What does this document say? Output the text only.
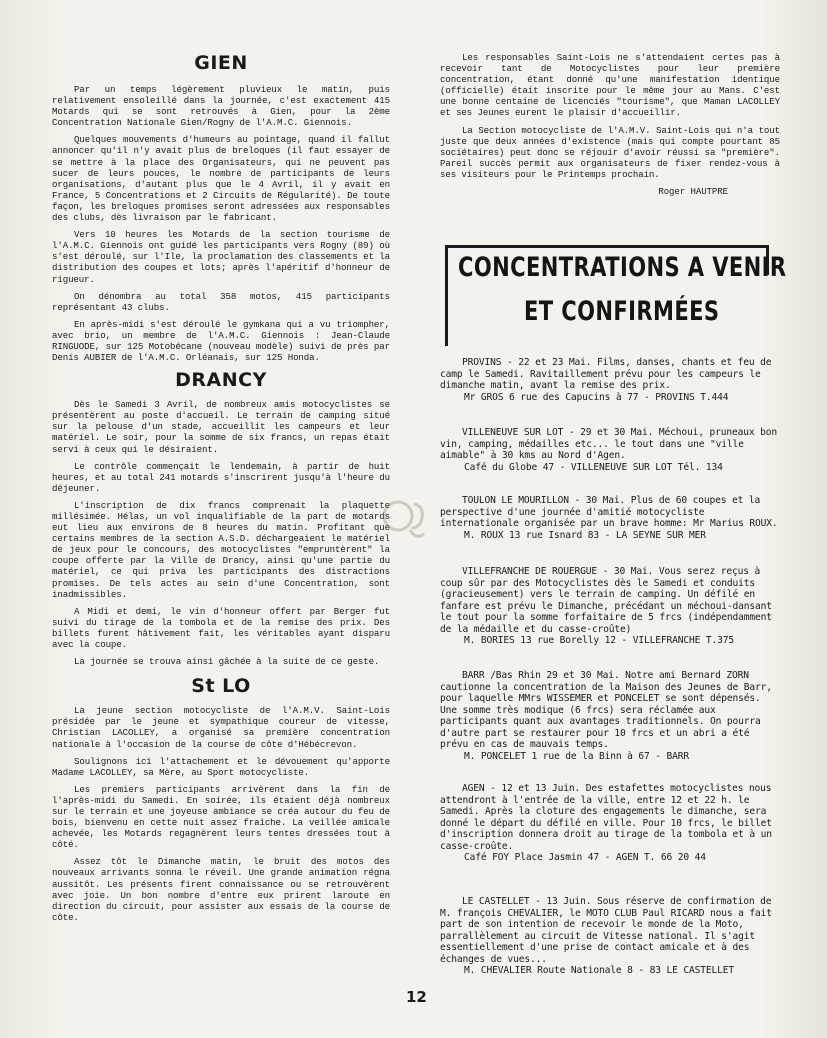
GIEN

Par un temps légèrement pluvieux le matin, puis relativement ensoleillé dans la journée, c'est exactement 415 Motards qui se sont retrouvés à Gien, pour la 2ème Concentration Nationale Gien/Rogny de l'A.M.C. Giennois.

Quelques mouvements d'humeurs au pointage, quand il fallut annoncer qu'il n'y avait plus de breloques (il faut essayer de se mettre à la place des Organisateurs, qui ne peuvent pas sucer de leurs pouces, le nombre de participants de leurs organisations, d'autant plus que le 4 Avril, il y avait en France, 5 Concentrations et 2 Circuits de Régularité). De toute façon, les breloques promises seront adressées aux responsables des clubs, dès livraison par le fabricant.

Vers 10 heures les Motards de la section tourisme de l'A.M.C. Giennois ont guidé les participants vers Rogny (89) où s'est déroulé, sur l'Ile, la proclamation des classements et la distribution des coupes et lots; après l'apéritif d'honneur de rigueur.

On dénombra au total 358 motos, 415 participants représentant 43 clubs.

En après-midi s'est déroulé le gymkana qui a vu triompher, avec brio, un membre de l'A.M.C. Giennois : Jean-Claude RINGUODE, sur 125 Motobécane (nouveau modèle) suivi de près par Denis AUBIER de l'A.M.C. Orléanais, sur 125 Honda.

DRANCY

Dès le Samedi 3 Avril, de nombreux amis motocyclistes se présentèrent au poste d'accueil. Le terrain de camping situé sur la pelouse d'un stade, accueillit les campeurs et leur matériel. Le soir, pour la somme de six francs, un repas était servi à ceux qui le désiraient.

Le contrôle commençait le lendemain, à partir de huit heures, et au total 241 motards s'inscrirent jusqu'à l'heure du déjeuner.

L'inscription de dix francs comprenait la plaquette millésimée. Hélas, un vol inqualifiable de la part de motards eut lieu aux environs de 8 heures du matin. Profitant que certains membres de la section A.S.D. déchargeaient le matériel de jeux pour le concours, des motocyclistes "empruntèrent" la coupe offerte par la Ville de Drancy, ainsi qu'une partie du matériel, ce qui priva les participants des distractions promises. De tels actes au sein d'une Concentration, sont inadmissibles.

A Midi et demi, le vin d'honneur offert par Berger fut suivi du tirage de la tombola et de la remise des prix. Des billets furent hâtivement fait, les véritables ayant disparu avec la coupe.

La journée se trouva ainsi gâchée à la suite de ce geste.

St LO

La jeune section motocycliste de l'A.M.V. Saint-Lois présidée par le jeune et sympathique coureur de vitesse, Christian LACOLLEY, a organisé sa première concentration nationale à l'occasion de la course de côte d'Hébécrevon.

Soulignons ici l'attachement et le dévouement qu'apporte Madame LACOLLEY, sa Mère, au Sport motocycliste.

Les premiers participants arrivèrent dans la fin de l'après-midi du Samedi. En soirée, ils étaient déjà nombreux sur le terrain et une joyeuse ambiance se créa autour du feu de bois, bienvenu en cette nuit assez fraîche. La veillée amicale achevée, les Motards regagnèrent leurs tentes dressées tout à côté.

Assez tôt le Dimanche matin, le bruit des motos des nouveaux arrivants sonna le réveil. Une grande animation régna aussitôt. Les présents firent connaissance ou se retrouvèrent avec joie. Un bon nombre d'entre eux prirent laroute en direction du circuit, pour assister aux essais de la course de côte.

Les responsables Saint-Lois ne s'attendaient certes pas à recevoir tant de Motocyclistes pour leur première concentration, étant donné qu'une manifestation identique (officielle) était inscrite pour le même jour au Mans. C'est une bonne centaine de licenciés "tourisme", que Maman LACOLLEY et ses Jeunes eurent le plaisir d'accueillir.

La Section motocycliste de l'A.M.V. Saint-Lois qui n'a tout juste que deux années d'existence (mais qui compte pourtant 85 sociétaires) peut donc se réjouir d'avoir réussi sa "première". Pareil succès permit aux organisateurs de fixer rendez-vous à ses visiteurs pour le Printemps prochain.

Roger HAUTPRE

CONCENTRATIONS A VENIR
ET CONFIRMÉES

PROVINS - 22 et 23 Mai. Films, danses, chants et feu de camp le Samedi. Ravitaillement prévu pour les campeurs le dimanche matin, avant la remise des prix.

Mr GROS 6 rue des Capucins à 77 - PROVINS T.444

VILLENEUVE SUR LOT - 29 et 30 Mai. Méchoui, pruneaux bon vin, camping, médailles etc... le tout dans une "ville aimable" à 30 kms au Nord d'Agen.

Café du Globe 47 - VILLENEUVE SUR LOT Tél. 134

TOULON LE MOURILLON - 30 Mai. Plus de 60 coupes et la perspective d'une journée d'amitié motocycliste internationale organisée par un brave homme: Mr Marius ROUX.

M. ROUX 13 rue Isnard 83 - LA SEYNE SUR MER

VILLEFRANCHE DE ROUERGUE - 30 Mai. Vous serez reçus à coup sûr par des Motocyclistes dès le Samedi et conduits (gracieusement) vers le terrain de camping. Un défilé en fanfare est prévu le Dimanche, précédant un méchoui-dansant le tout pour la somme forfaitaire de 5 frcs (indépendamment de la médaille et du casse-croûte)

M. BORIES 13 rue Borelly 12 - VILLEFRANCHE T.375

BARR /Bas Rhin 29 et 30 Mai. Notre ami Bernard ZORN cautionne la concentration de la Maison des Jeunes de Barr, pour laquelle MMrs WISSEMER et PONCELET se sont dépensés. Une somme très modique (6 frcs) sera réclamée aux participants quant aux avantages traditionnels. On pourra d'autre part se restaurer pour 10 frcs et un abri a été prévu en cas de mauvais temps.

M. PONCELET 1 rue de la Binn à 67 - BARR

AGEN - 12 et 13 Juin. Des estafettes motocyclistes nous attendront à l'entrée de la ville, entre 12 et 22 h. le Samedi. Après la cloture des engagements le dimanche, sera donné le départ du défilé en ville. Pour 10 frcs, le billet d'inscription donnera droit au tirage de la tombola et à un casse-croûte.

Café FOY Place Jasmin 47 - AGEN T. 66 20 44

LE CASTELLET - 13 Juin. Sous réserve de confirmation de M. françois CHEVALIER, le MOTO CLUB Paul RICARD nous a fait part de son intention de recevoir le monde de la Moto, parrallèlement au circuit de Vitesse national. Il s'agit essentiellement d'une prise de contact amicale et à des échanges de vues...

M. CHEVALIER Route Nationale 8 - 83 LE CASTELLET

12
